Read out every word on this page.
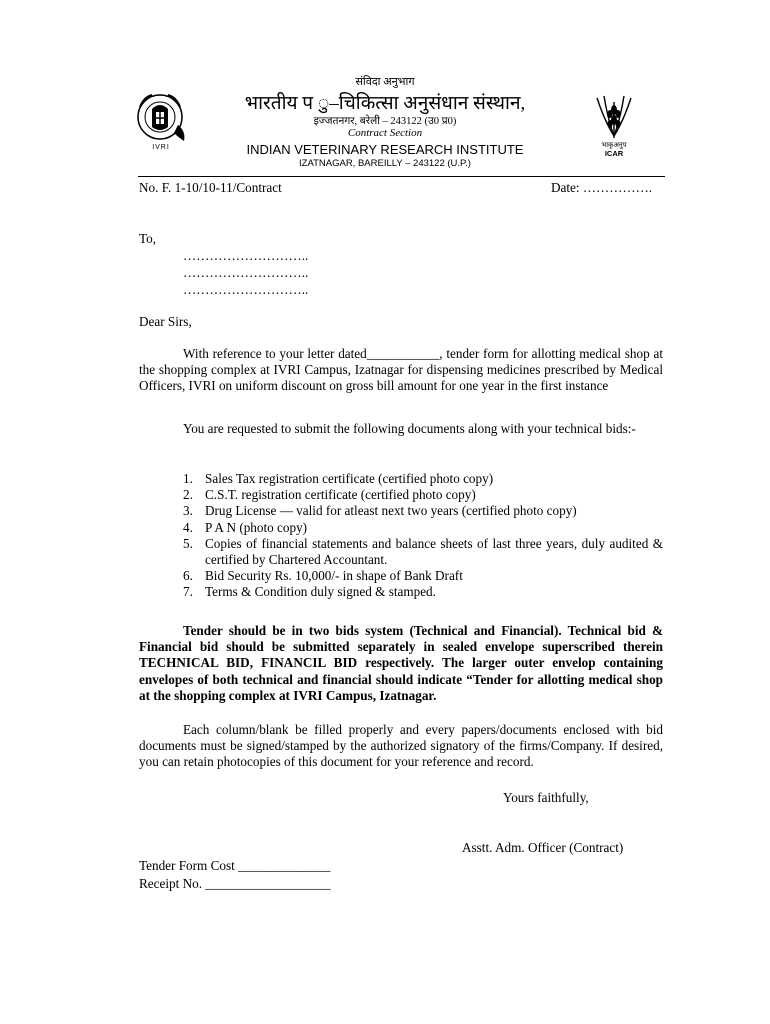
IVRI	भाकृअनुप
ICAR
संविदा अनुभाग
भारतीय प ु–चिकित्सा अनुसंधान संस्थान,
इज्जतनगर, बरेली – 243122 (उ0 प्र0)
Contract Section
INDIAN VETERINARY RESEARCH INSTITUTE
IZATNAGAR, BAREILLY – 243122 (U.P.)
No. F. 1-10/10-11/Contract	Date: …………….
To,
………………………..
………………………..
………………………..
Dear Sirs,
With reference to your letter dated___________, tender form for allotting medical shop at the shopping complex at IVRI Campus, Izatnagar for dispensing medicines prescribed by Medical Officers, IVRI on uniform discount on gross bill amount for one year in the first instance
You are requested to submit the following documents along with your technical bids:-
1. Sales Tax registration certificate (certified photo copy)
2. C.S.T. registration certificate (certified photo copy)
3. Drug License — valid for atleast next two years (certified photo copy)
4. P A N (photo copy)
5. Copies of financial statements and balance sheets of last three years, duly audited & certified by Chartered Accountant.
6. Bid Security Rs. 10,000/- in shape of Bank Draft
7. Terms & Condition duly signed & stamped.
Tender should be in two bids system (Technical and Financial). Technical bid & Financial bid should be submitted separately in sealed envelope superscribed therein TECHNICAL BID, FINANCIL BID respectively. The larger outer envelop containing envelopes of both technical and financial should indicate “Tender for allotting medical shop at the shopping complex at IVRI Campus, Izatnagar.
Each column/blank be filled properly and every papers/documents enclosed with bid documents must be signed/stamped by the authorized signatory of the firms/Company. If desired, you can retain photocopies of this document for your reference and record.
Yours faithfully,
Asstt. Adm. Officer (Contract)
Tender Form Cost ______________
Receipt No. ___________________
